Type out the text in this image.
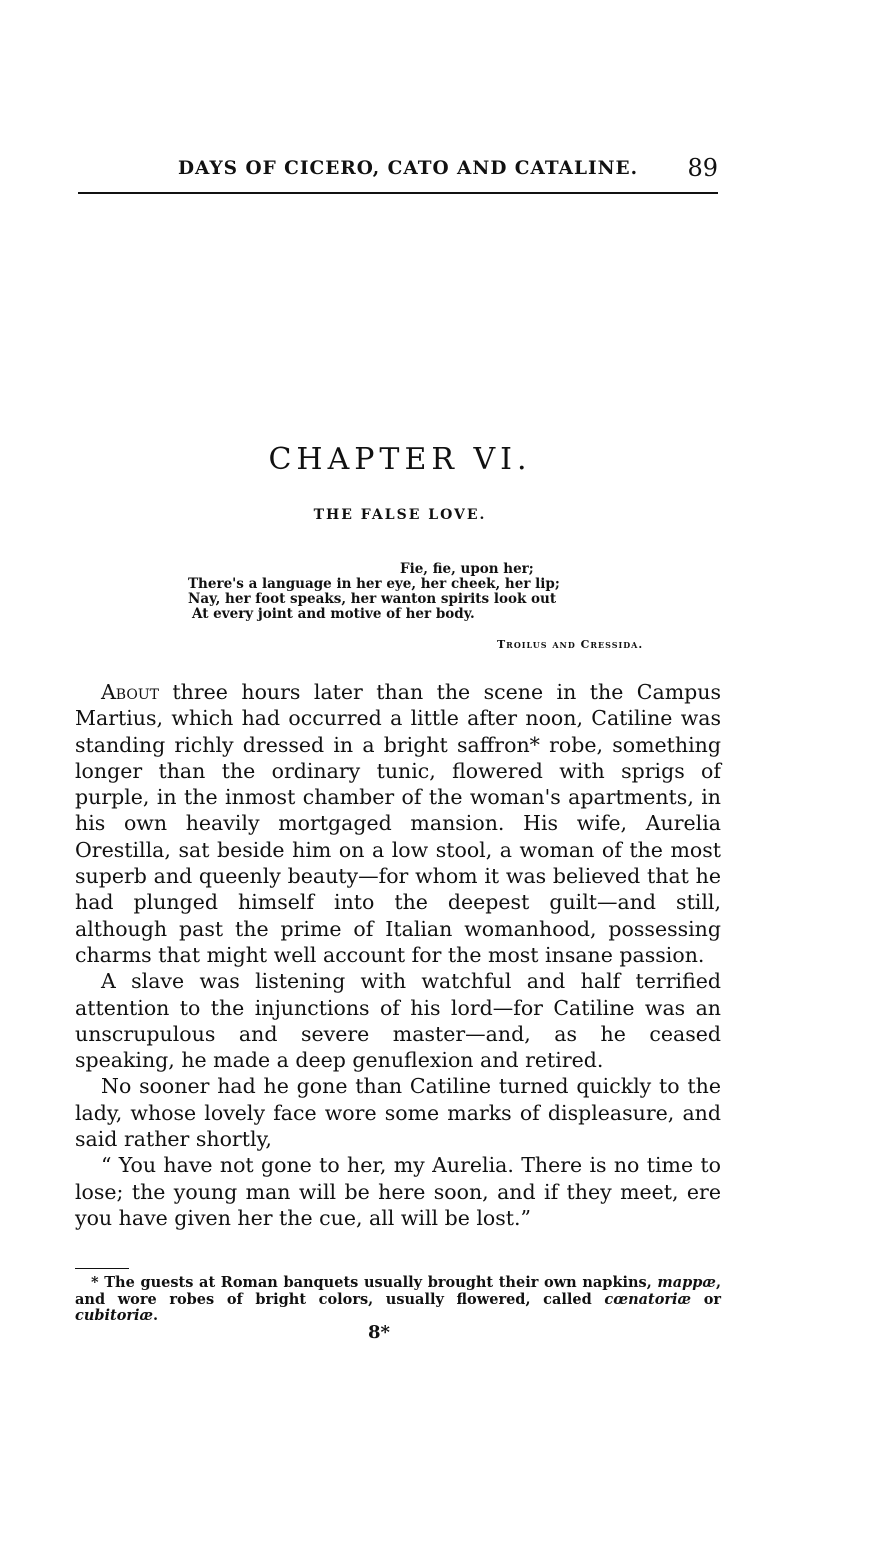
DAYS OF CICERO, CATO AND CATALINE. 89
CHAPTER VI.
THE FALSE LOVE.
Fie, fie, upon her;
There's a language in her eye, her cheek, her lip;
Nay, her foot speaks, her wanton spirits look out
At every joint and motive of her body.
Troilus and Cressida.

About three hours later than the scene in the Campus Martius, which had occurred a little after noon, Catiline was standing richly dressed in a bright saffron* robe, something longer than the ordinary tunic, flowered with sprigs of purple, in the inmost chamber of the woman's apartments, in his own heavily mortgaged mansion. His wife, Aurelia Orestilla, sat beside him on a low stool, a woman of the most superb and queenly beauty—for whom it was believed that he had plunged himself into the deepest guilt—and still, although past the prime of Italian womanhood, possessing charms that might well account for the most insane passion.

A slave was listening with watchful and half terrified attention to the injunctions of his lord—for Catiline was an unscrupulous and severe master—and, as he ceased speaking, he made a deep genuflexion and retired.

No sooner had he gone than Catiline turned quickly to the lady, whose lovely face wore some marks of displeasure, and said rather shortly,

“ You have not gone to her, my Aurelia. There is no time to lose; the young man will be here soon, and if they meet, ere you have given her the cue, all will be lost.”

* The guests at Roman banquets usually brought their own napkins, mappæ, and wore robes of bright colors, usually flowered, called cœnatoriæ or cubitoriæ.
8*
